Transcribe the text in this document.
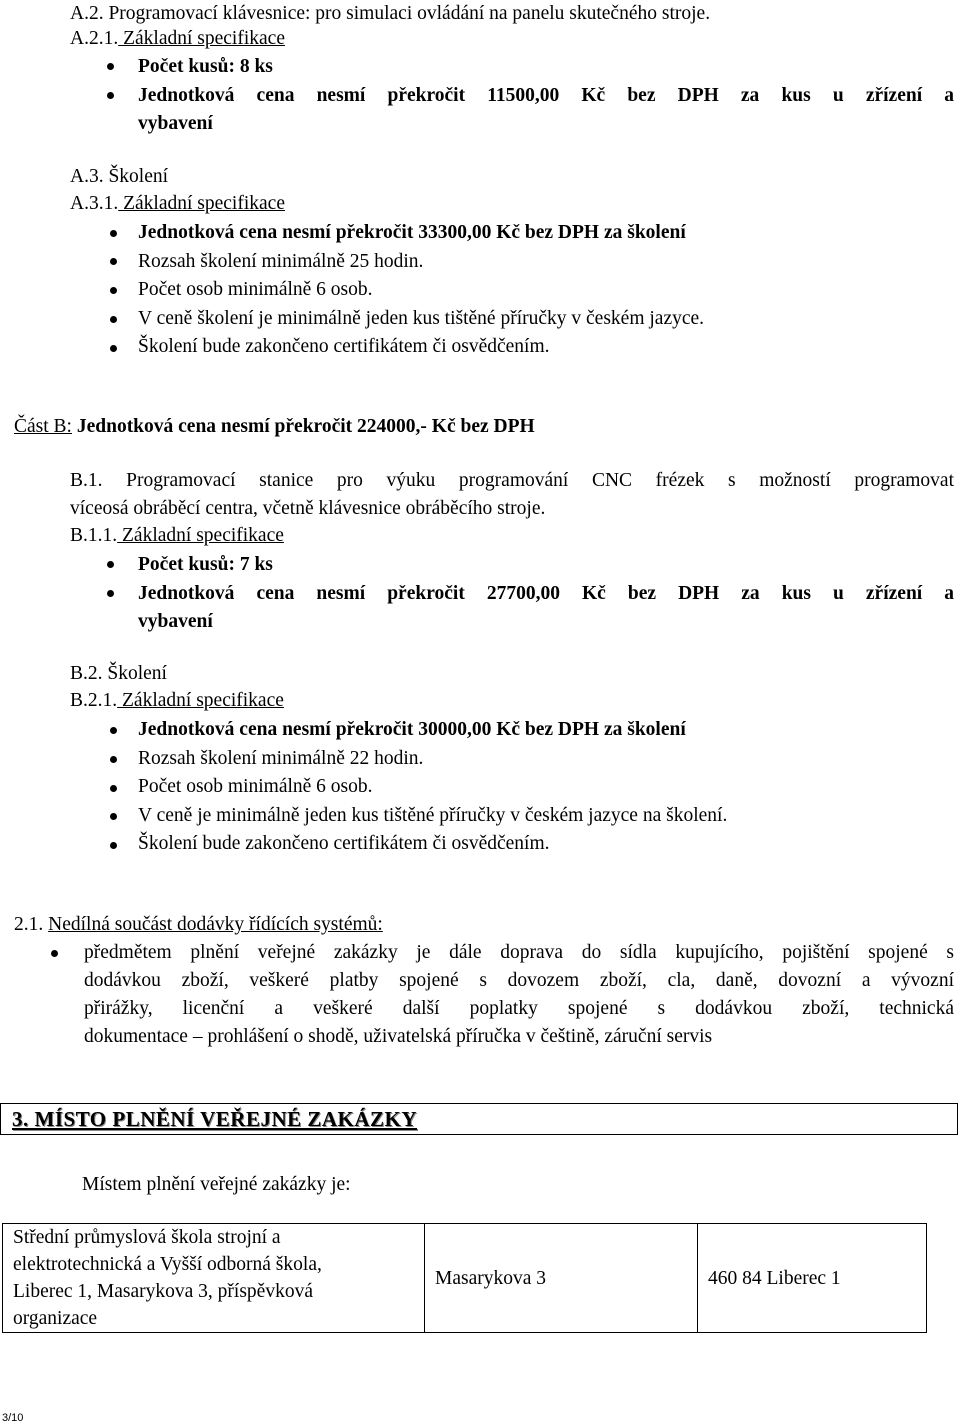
A.2. Programovací klávesnice: pro simulaci ovládání na panelu skutečného stroje.
A.2.1. Základní specifikace
Počet kusů: 8 ks
Jednotková cena nesmí překročit 11500,00 Kč bez DPH za kus u zřízení a
vybavení
A.3. Školení
A.3.1. Základní specifikace
Jednotková cena nesmí překročit 33300,00 Kč bez DPH za školení
Rozsah školení minimálně 25 hodin.
Počet osob minimálně 6 osob.
V ceně školení je minimálně jeden kus tištěné příručky v českém jazyce.
Školení bude zakončeno certifikátem či osvědčením.
Část B: Jednotková cena nesmí překročit 224000,- Kč bez DPH
B.1. Programovací stanice pro výuku programování CNC frézek s možností programovat
víceosá obráběcí centra, včetně klávesnice obráběcího stroje.
B.1.1. Základní specifikace
Počet kusů: 7 ks
Jednotková cena nesmí překročit 27700,00 Kč bez DPH za kus u zřízení a
vybavení
B.2. Školení
B.2.1. Základní specifikace
Jednotková cena nesmí překročit 30000,00 Kč bez DPH za školení
Rozsah školení minimálně 22 hodin.
Počet osob minimálně 6 osob.
V ceně je minimálně jeden kus tištěné příručky v českém jazyce na školení.
Školení bude zakončeno certifikátem či osvědčením.
2.1. Nedílná součást dodávky řídících systémů:
předmětem plnění veřejné zakázky je dále doprava do sídla kupujícího, pojištění spojené s
dodávkou zboží, veškeré platby spojené s dovozem zboží, cla, daně, dovozní a vývozní
přirážky, licenční a veškeré další poplatky spojené s dodávkou zboží, technická
dokumentace – prohlášení o shodě, uživatelská příručka v češtině, záruční servis
3. MÍSTO PLNĚNÍ VEŘEJNÉ ZAKÁZKY
Místem plnění veřejné zakázky je:
Střední průmyslová škola strojní a
elektrotechnická a Vyšší odborná škola,
Liberec 1, Masarykova 3, příspěvková
organizace
	Masarykova 3	460 84 Liberec 1
3/10
